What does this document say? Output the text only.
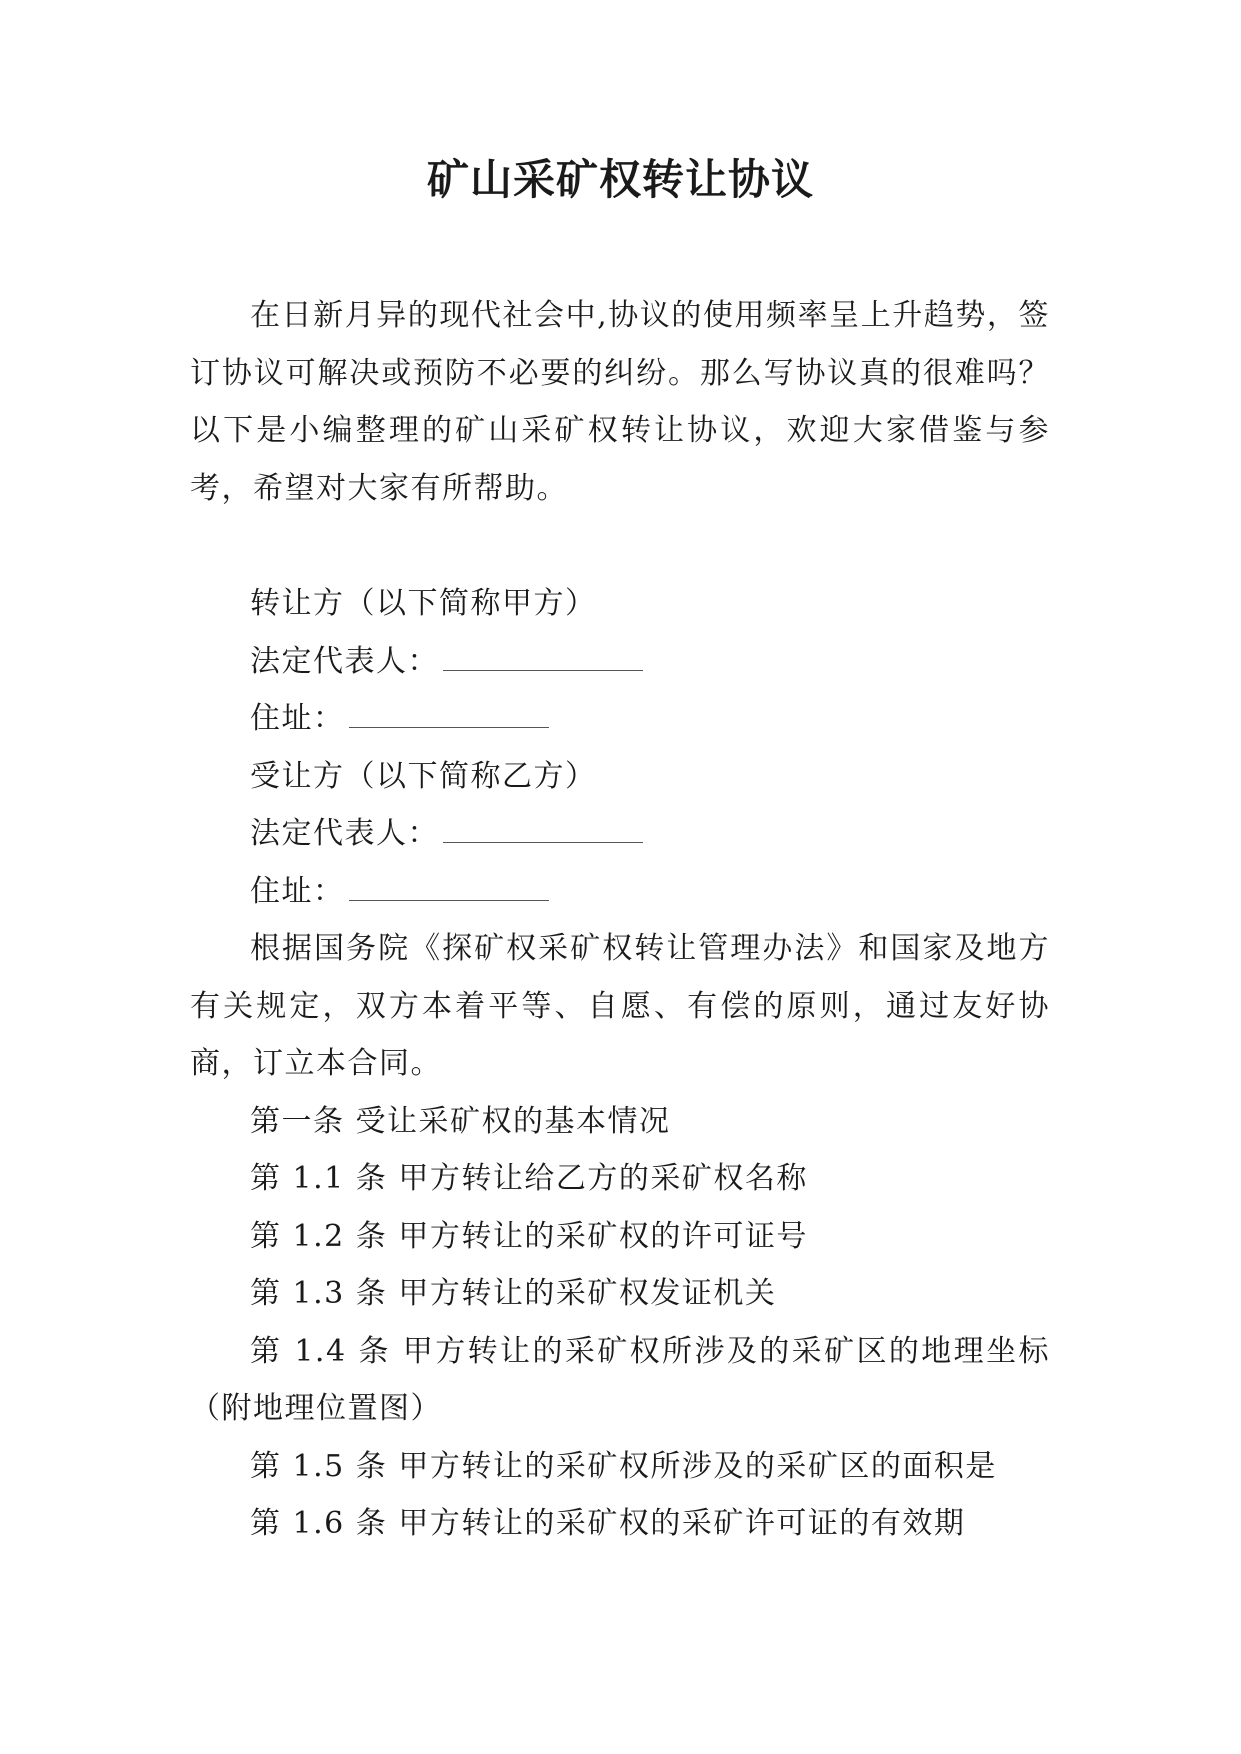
矿山采矿权转让协议

在日新月异的现代社会中,协议的使用频率呈上升趋势，签订协议可解决或预防不必要的纠纷。那么写协议真的很难吗？以下是小编整理的矿山采矿权转让协议，欢迎大家借鉴与参考，希望对大家有所帮助。

转让方（以下简称甲方）

法定代表人：

住址：

受让方（以下简称乙方）

法定代表人：

住址：

根据国务院《探矿权采矿权转让管理办法》和国家及地方有关规定，双方本着平等、自愿、有偿的原则，通过友好协商，订立本合同。

第一条 受让采矿权的基本情况

第 1.1 条 甲方转让给乙方的采矿权名称

第 1.2 条 甲方转让的采矿权的许可证号

第 1.3 条 甲方转让的采矿权发证机关

第 1.4 条 甲方转让的采矿权所涉及的采矿区的地理坐标（附地理位置图）

第 1.5 条 甲方转让的采矿权所涉及的采矿区的面积是

第 1.6 条 甲方转让的采矿权的采矿许可证的有效期
